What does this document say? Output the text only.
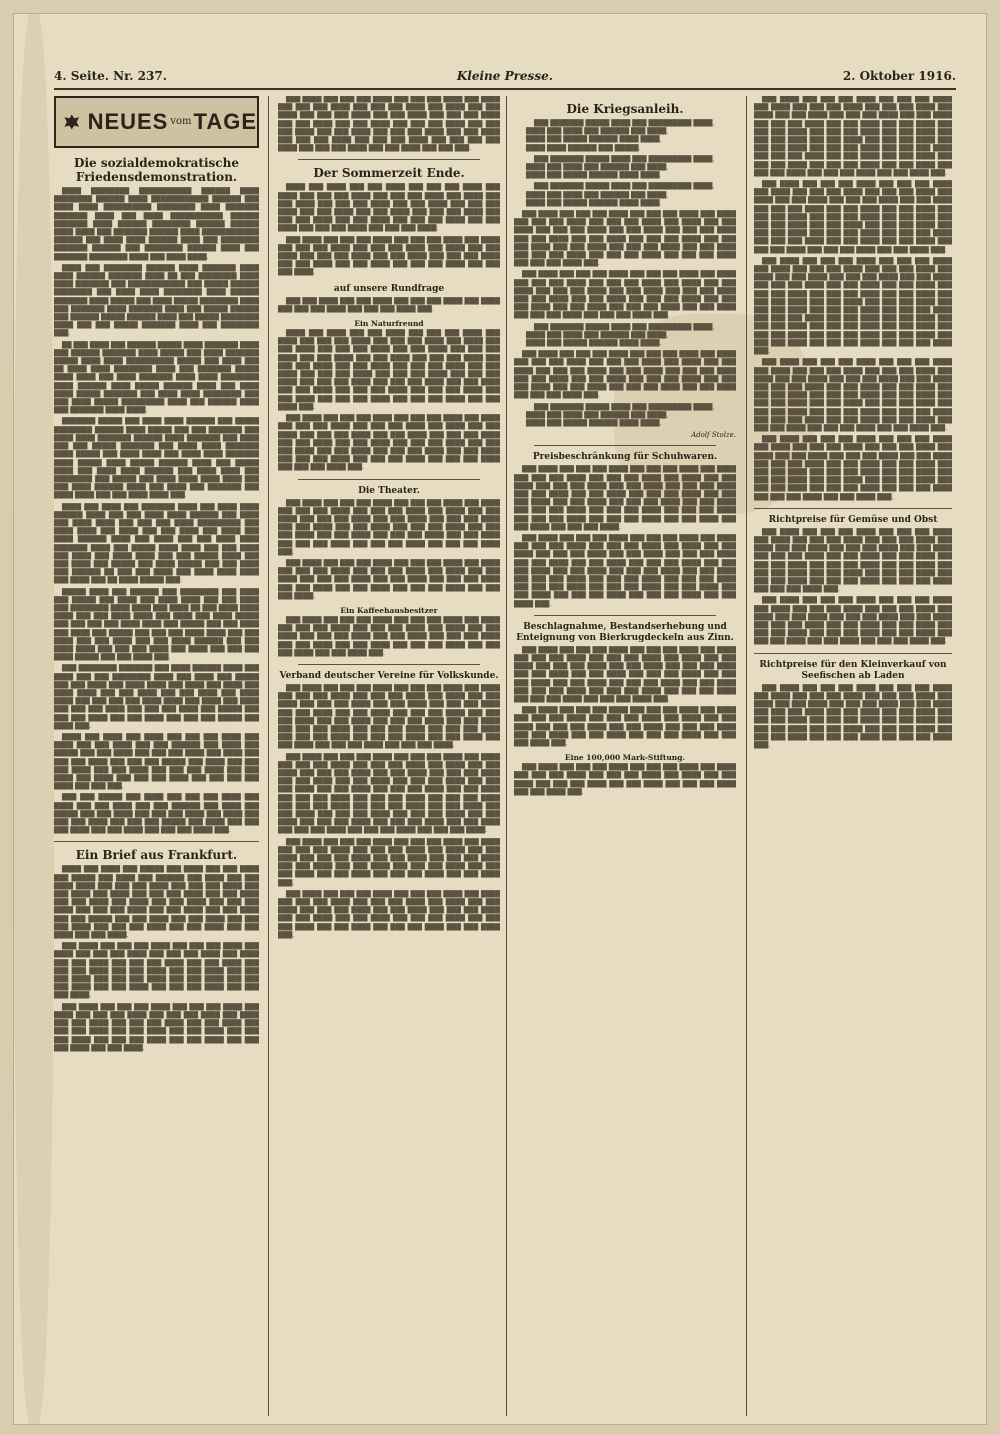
4. Seite. Nr. 237.	Kleine Presse.	2. Oktober 1916.
NEUES vom TAGE
Die sozialdemokratische Friedensdemonstration.

████ ████████ ███████████ ██████ ████ ████████ ██████ ████ ████████████ ██████ ███ ████ ████ ██████████ ████████ ████ ███████ ███████ ████ ███ ████ ███████████ ██████ ███████ ████ ██████ ████████ ██████ ██████ ████ ████ ███ ███████ ██████ ████ ████████████ ██████ ███ ████ ████ ██████ ████ ███ ████████ ███████ ██████ ███ ████████ ██████ ████ ███ ███████ ████████ ████ ███ ████ ████.

████ ███ ████████ ██████ ████ ███████ ████ ████ ██████ ███████ ████ ██ ███ ████████ ████ ████ ███████ ███ ████████████ ███ █████ ██████ ████████ ███ ████ ████ ████████ ████ ██████ ███████ ████ █████ ███ ████ █████ ████████ ████ ███ ███████ ████ ███████ ████ ███ █████ ██████ ███ ██████ █████ ██████ ████ ███ █████ ████████ ████ ███ ███ █████ ███████ ████ ███ ████████ ███.

██ ███ ████ ███ ██████ █████ ████ ███████ ████ ███ ██████ ███████ ████ █████ ███ ████ ███████ █████ ████ ████ ██████████ █████ ███ ████ ███ ██ ████ ████ ████████ ████ ███ ███████ █████ ████ ████ ███ ████ ███████ ████ ████ ████████ ████ ██████ ████ █████ ██████ ████ ███ ████ ████ █████ ███████ ███ ████ ████ ████████ ███ ███ ████ █████ █████████ ████ ███ ██████ ████ ███ ███████ ████ ████.

███████ █████ ███ ████ ████ ██████ ███ █████ ████████ ██████ ████ █████ ███ ███ ███████ ███ ████ ████ ███████ ██████ ████ ███████ ███ ████ ███ ███ █████ ███████ ███ ████ ████ ███████ ████ █████ ███ ████ ████ ███ ████ ████ ███████ ████ █████ ████ █████ ██████ ████ ███ █████ ████ ███ ████ ████ ██████ ███ ████ ████ ███ ████████ ███ █████ ███ ████ ████ ████ ████ ███ ███ ████ ██████ ████ ███ ████ ███ ███████ ███ ████ ████ ███ ███ ████ ████ ███.

████ ███ ████ ███ ███████ ████ ███ ████ ████ ██████ ████ ███ ███ ████ ████ ██████ ███ ████ ███ ████ ████ ███ ███ ███ ████ █████████ ███ ████ ████ ███ ████ ███ ███ ████ ███ ████ ███ ████ ██████ ████ ███ ████ ███ ███ ████ ████ ███████ ████ ███ █████ ████ ████ ███ ███ ████ ███ ████ ███ ████ ████ ███ ███ █████ ████ ███ ███ ████ ███ █████ ███ ████ █████ ███ ███ ████ ███ ██████ ██ ███ ███ ████ ███ ████ ████ ████ ███ ████ ███ ██ ████ █████ ███.

█████ ████ ███ ██████ ███ ████████ ███ ████ ███ █████ ███ ████ ███ ████ ████ ███ ███ ████ ███ ████████ ████ ████ ███ ████ ██ ███ ████ ████ ████ ███ ███ ████ ████ ███ ████ ███ ████ █████ ███ ███ ███ ███ ████ ████ ███ █████ ███ ███ ████ ███ ████ ███ █████ ███ ███ ███ ████ ████ ███ ███ ████ ███ ███ ████ ███ ███ ████ ██████ ███ ███ ████ ████ ███ ███ ███ ████ ███ ████ ███ ███ ███ ████ █████ ███ ███ ████ ███.

███ ████████ ███████ ███ ████ ██████ ████ ███ ████ ███ ███ ████████ ████ ███ ████ ███ █████ ███ ███ ████ ███ ████ ████ ███ ████ ███ ████ ███ ████ ████ ███ ███ ████ ███ ███ ████ ███ ████ ████ ███ ███ ███ ███ ████ ████ ███ ████ ███ ████ ███ ███ ███ ████ ███ ███ ███ ████ ███ █████ ███ ███ ███ ████ ███ ███ ████ ███ ███ ███ █████ ███ ████ ███.

████ ███ ████ ███ ████ ███ ███ ███ ████ ███ ████ ███ ███ ████ ███ ███ ██████ ███ ████ ███ █████ ███ ███ ████ ███ ███ ███ ████ ███ ████ ███ ███ ███ ████ ███ ███ ███ █████ ███ ████ ███ ███ ███ ████ ███ ███ ████ ███ ███ ███ ████ ███ ███ ████ ███ ████ ███ ███ ███ ████ ███ ███ ███ ███ ████ ███ ███ ███.

███ ███ █████ ███ ████ ███ ███ ███ ████ ███ ████ ███ ███ ████ ███ ███ ██████ ███ ████ ███ █████ ███ ███ ████ ███ ███ ███ ████ ███ ████ ███ ███ ███ ████ ███ ███ ███ █████ ███ ████ ███ ███ ███ ████ ███ ███ ████ ███ ███ ███ ████ ███.

Ein Brief aus Frankfurt.

████ ███ ████ ███ █████ ███ ████ ███ ███ ████ ███ █████ ███ ████ ███ ██████ ███ ████ ███ ███ ████ ████ ███ ███ ███ ████ ███ ███ ███ ████ ███ ███ ████ ███ ████ ███ ███ ███ ████ ███ ███ ████ ███ ███ ████ ███ ████ ███ ███ ████ ███ ███ ███ ████ ███ ███ ███ ████ ███ ███ ████ ███ ███ ████ ███ ███ █████ ███ ███ ████ ███ ███ ████ ███ ███ ███ ████ ███ ███ ███ ████ ███ ███ ████ ███ ███ ████ ███ ███ ████.

███ ████ ███ ███ ███ ████ ███ ███ ███ ████ ███ ████ ███ ███ ███ ████ ███ ███ ███ ████ ███ ████ ███ ███ ████ ███ ███ ███ ████ ███ ███ ████ ███ ███ ███ ████ ███ ███ ████ ███ ███ ████ ███ ███ ███ ████ ███ ███ ███ ████ ███ ███ ████ ███ ███ ███ ████ ███ ███ ████ ███ ███ ███ ████ ███ ███ ███ ████.

███ ████ ███ ███ ███ ████ ███ ███ ███ ████ ███ ████ ███ ███ ███ ████ ███ ███ ███ ████ ███ ████ ███ ███ ████ ███ ███ ███ ████ ███ ███ ████ ███ ███ ███ ████ ███ ███ ████ ███ ███ ████ ███ ███ ███ ████ ███ ███ ███ ████ ███ ███ ████ ███ ███ ███ ████ ███ ███ ████.

███ ████ ███ ███ ███ ████ ███ ███ ███ ████ ███ ████ ███ ███ ███ ████ ███ ███ ███ ████ ███ ████ ███ ███ ████ ███ ███ ███ ████ ███ ███ ████ ███ ███ ███ ████ ███ ███ ████ ███ ███ ████ ███ ███ ███ ████ ███ ███ ███ ████ ███ ███ ████ ███ ███ ███ ████ ███ ███ ████ ███ ███ ███ ████ ███ ███ ███ ████ ███ ███ ███ ███ ████ ███ ███ ███ ████ ███ ███ ████ ███ ███ ███.

Der Sommerzeit Ende.

████ ███ ████ ███ ███ ████ ███ ███ ███ ████ ███ ████ ███ ███ ███ ████ ███ ███ ███ ████ ███ ████ ███ ███ ████ ███ ███ ███ ████ ███ ███ ████ ███ ███ ███ ████ ███ ███ ████ ███ ███ ████ ███ ███ ███ ████ ███ ███ ███ ████ ███ ███ ████ ███ ███ ███ ████ ███ ███ ████ ███ ███ ███ ████ ███ ███ ███ ████.

███ ████ ███ ███ ███ ████ ███ ███ ███ ████ ███ ████ ███ ███ ███ ████ ███ ███ ███ ████ ███ ████ ███ ███ ████ ███ ███ ███ ████ ███ ███ ████ ███ ███ ███ ████ ███ ███ ████ ███ ███ ████ ███ ███ ███ ████ ███ ███ ███ ████.

auf unsere Rundfrage

███ ███ ████ ███ ███ ████ ███ ███ ███ ████ ███ ████ ███ ███ ███ ████ ███ ███ ███ ████ ███.

Ein Naturfreund

████ ███ ████ ███ ███ ████ ███ ███ ███ ████ ███ ████ ███ ███ ███ ████ ███ ███ ███ ████ ███ ████ ███ ███ ████ ███ ███ ███ ████ ███ ███ ████ ███ ███ ███ ████ ███ ███ ████ ███ ███ ████ ███ ███ ███ ████ ███ ███ ███ ████ ███ ███ ████ ███ ███ ███ ████ ███ ███ ████ ███ ███ ███ ████ ███ ███ ███ ████ ███ ███ ███ ████ ███ ███ ███ ████ ███ ███ ███ ████ ███ ███ ████ ███ ███ ████ ███ ███ ███ ████ ███ ███ ███ ████ ███ ███ ████ ███ ███ ███ ████ ███ ███ ███ ████ ███ ███ ████ ███.

███ ████ ███ ███ ███ ████ ███ ███ ███ ████ ███ ████ ███ ███ ███ ████ ███ ███ ███ ████ ███ ████ ███ ███ ████ ███ ███ ███ ████ ███ ███ ████ ███ ███ ███ ████ ███ ███ ████ ███ ███ ████ ███ ███ ███ ████ ███ ███ ███ ████ ███ ███ ████ ███ ███ ███ ████ ███ ███ ████ ███ ███ ███ ████ ███ ███ ███ ████ ███ ███ ███ ████ ███ ███ ███ ████ ███.

Die Theater.

███ ████ ███ ███ ███ ████ ███ ███ ███ ████ ███ ████ ███ ███ ███ ████ ███ ███ ███ ████ ███ ████ ███ ███ ████ ███ ███ ███ ████ ███ ███ ████ ███ ███ ███ ████ ███ ███ ████ ███ ███ ████ ███ ███ ███ ████ ███ ███ ███ ████ ███ ███ ████ ███ ███ ███ ████ ███ ███ ████ ███ ███ ███ ████ ███ ███ ███ ████ ███ ███ ███ ████ ███.

███ ████ ███ ███ ███ ████ ███ ███ ███ ████ ███ ████ ███ ███ ███ ████ ███ ███ ███ ████ ███ ████ ███ ███ ████ ███ ███ ███ ████ ███ ███ ████ ███ ███ ███ ████ ███ ███ ████ ███ ███ ████ ███ ███ ███ ████ ███ ███ ███ ████.

Ein Kaffeehausbesitzer

███ ████ ███ ███ ███ ████ ███ ███ ███ ████ ███ ████ ███ ███ ███ ████ ███ ███ ███ ████ ███ ████ ███ ███ ████ ███ ███ ███ ████ ███ ███ ████ ███ ███ ███ ████ ███ ███ ████ ███ ███ ████ ███ ███ ███ ████ ███ ███ ███ ████ ███ ███ ████ ███.

Verband deutscher Vereine für Volkskunde.

███ ████ ███ ███ ███ ████ ███ ███ ███ ████ ███ ████ ███ ███ ███ ████ ███ ███ ███ ████ ███ ████ ███ ███ ████ ███ ███ ███ ████ ███ ███ ████ ███ ███ ███ ████ ███ ███ ████ ███ ███ ████ ███ ███ ███ ████ ███ ███ ███ ████ ███ ███ ████ ███ ███ ███ ████ ███ ███ ████ ███ ███ ███ ████ ███ ███ ███ ████ ███ ███ ███ ████ ███ ███ ███ ████ ███ ███ ███ ████ ███ ███ ████ ███ ███ ████ ███ ███ ███ ████ ███ ███ ███ ████.

███ ████ ███ ███ ███ ████ ███ ███ ███ ████ ███ ████ ███ ███ ███ ████ ███ ███ ███ ████ ███ ████ ███ ███ ████ ███ ███ ███ ████ ███ ███ ████ ███ ███ ███ ████ ███ ███ ████ ███ ███ ████ ███ ███ ███ ████ ███ ███ ███ ████ ███ ███ ████ ███ ███ ███ ████ ███ ███ ████ ███ ███ ███ ████ ███ ███ ███ ████ ███ ███ ███ ████ ███ ███ ███ ████ ███ ███ ███ ████ ███ ███ ████ ███ ███ ████ ███ ███ ███ ████ ███ ███ ███ ████ ███ ███ ████ ███ ███ ███ ████ ███ ███ ███ ████ ███ ███ ████ ███ ███ ███ ████ ███ ███ ███ ████ ███ ███ ███ ████.

███ ████ ███ ███ ███ ████ ███ ███ ███ ████ ███ ████ ███ ███ ███ ████ ███ ███ ███ ████ ███ ████ ███ ███ ████ ███ ███ ███ ████ ███ ███ ████ ███ ███ ███ ████ ███ ███ ████ ███ ███ ████ ███ ███ ███ ████ ███ ███ ███ ████ ███ ███ ████ ███ ███ ███ ████ ███ ███ ████ ███.

███ ████ ███ ███ ███ ████ ███ ███ ███ ████ ███ ████ ███ ███ ███ ████ ███ ███ ███ ████ ███ ████ ███ ███ ████ ███ ███ ███ ████ ███ ███ ████ ███ ███ ███ ████ ███ ███ ████ ███ ███ ████ ███ ███ ███ ████ ███ ███ ███ ████ ███ ███ ████ ███ ███ ███ ████ ███ ███ ████ ███.

Die Kriegsanleih.

███ ███████ █████ ████ ███ █████████ ████,
████ ███ ████ ███ ██████ ███ ████,
████ ███ █████ ██████ ████ ████,
████ ████ ██████ ███ █████.

███ ███████ █████ ████ ███ █████████ ████,
████ ███ ████ ███ ██████ ███ ████,
████ ███ █████ ██████ ████ ████.

███ ███████ █████ ████ ███ █████████ ████,
████ ███ ████ ███ ██████ ███ ████,
████ ███ █████ ██████ ████ ████.

███ ████ ███ ███ ███ ████ ███ ███ ███ ████ ███ ████ ███ ███ ███ ████ ███ ███ ███ ████ ███ ████ ███ ███ ████ ███ ███ ███ ████ ███ ███ ████ ███ ███ ███ ████ ███ ███ ████ ███ ███ ████ ███ ███ ███ ████ ███ ███ ███ ████ ███ ███ ████ ███ ███ ███ ████ ███ ███ ████ ███ ███ ███ ████ ███ ███ ███ ████ ███ ███ ███ ████ ███ ███ ███ ████ ███.

███ ████ ███ ███ ███ ████ ███ ███ ███ ████ ███ ████ ███ ███ ███ ████ ███ ███ ███ ████ ███ ████ ███ ███ ████ ███ ███ ███ ████ ███ ███ ████ ███ ███ ███ ████ ███ ███ ████ ███ ███ ████ ███ ███ ███ ████ ███ ███ ███ ████ ███ ███ ████ ███ ███ ███ ████ ███ ███ ████ ███ ███ ███ ████ ███ ███ ███ ████ ███.

███ ███████ █████ ████ ███ █████████ ████,
████ ███ ████ ███ ██████ ███ ████,
████ ███ █████ ██████ ████ ████.

███ ████ ███ ███ ███ ████ ███ ███ ███ ████ ███ ████ ███ ███ ███ ████ ███ ███ ███ ████ ███ ████ ███ ███ ████ ███ ███ ███ ████ ███ ███ ████ ███ ███ ███ ████ ███ ███ ████ ███ ███ ████ ███ ███ ███ ████ ███ ███ ███ ████ ███ ███ ████ ███ ███ ███ ████ ███ ███ ████ ███ ███ ███ ████ ███.

███ ███████ █████ ████ ███ █████████ ████,
████ ███ ████ ███ ██████ ███ ████,
████ ███ █████ ██████ ████ ████.

Adolf Stolze.
Preisbeschränkung für Schuhwaren.

███ ████ ███ ███ ███ ████ ███ ███ ███ ████ ███ ████ ███ ███ ███ ████ ███ ███ ███ ████ ███ ████ ███ ███ ████ ███ ███ ███ ████ ███ ███ ████ ███ ███ ███ ████ ███ ███ ████ ███ ███ ████ ███ ███ ███ ████ ███ ███ ███ ████ ███ ███ ████ ███ ███ ███ ████ ███ ███ ████ ███ ███ ███ ████ ███ ███ ███ ████ ███ ███ ███ ████ ███ ███ ███ ████ ███ ███ ███ ████ ███ ███ ████ ███ ███ ████ ███ ███ ███ ████.

███ ████ ███ ███ ███ ████ ███ ███ ███ ████ ███ ████ ███ ███ ███ ████ ███ ███ ███ ████ ███ ████ ███ ███ ████ ███ ███ ███ ████ ███ ███ ████ ███ ███ ███ ████ ███ ███ ████ ███ ███ ████ ███ ███ ███ ████ ███ ███ ███ ████ ███ ███ ████ ███ ███ ███ ████ ███ ███ ████ ███ ███ ███ ████ ███ ███ ███ ████ ███ ███ ███ ████ ███ ███ ███ ████ ███ ███ ███ ████ ███ ███ ████ ███ ███ ████ ███ ███ ███ ████ ███ ███ ███ ████ ███ ███ ████ ███.

Beschlagnahme, Bestandserhebung und Enteignung von Bierkrugdeckeln aus Zinn.

███ ████ ███ ███ ███ ████ ███ ███ ███ ████ ███ ████ ███ ███ ███ ████ ███ ███ ███ ████ ███ ████ ███ ███ ████ ███ ███ ███ ████ ███ ███ ████ ███ ███ ███ ████ ███ ███ ████ ███ ███ ████ ███ ███ ███ ████ ███ ███ ███ ████ ███ ███ ████ ███ ███ ███ ████ ███ ███ ████ ███ ███ ███ ████ ███ ███ ███ ████ ███ ███ ███ ████ ███ ███ ███ ████ ███ ███ ███ ████ ███.

███ ████ ███ ███ ███ ████ ███ ███ ███ ████ ███ ████ ███ ███ ███ ████ ███ ███ ███ ████ ███ ████ ███ ███ ████ ███ ███ ███ ████ ███ ███ ████ ███ ███ ███ ████ ███ ███ ████ ███ ███ ████ ███ ███ ███ ████ ███ ███ ███ ████ ███.

Eine 100,000 Mark-Stiftung.

███ ████ ███ ███ ███ ████ ███ ███ ███ ████ ███ ████ ███ ███ ███ ████ ███ ███ ███ ████ ███ ████ ███ ███ ████ ███ ███ ███ ████ ███ ███ ████ ███ ███ ███ ████ ███ ███ ████ ███.

███ ████ ███ ███ ███ ████ ███ ███ ███ ████ ███ ████ ███ ███ ███ ████ ███ ███ ███ ████ ███ ████ ███ ███ ████ ███ ███ ███ ████ ███ ███ ████ ███ ███ ███ ████ ███ ███ ████ ███ ███ ████ ███ ███ ███ ████ ███ ███ ███ ████ ███ ███ ████ ███ ███ ███ ████ ███ ███ ████ ███ ███ ███ ████ ███ ███ ███ ████ ███ ███ ███ ████ ███ ███ ███ ████ ███ ███ ███ ████ ███ ███ ████ ███ ███ ████ ███ ███ ███ ████ ███ ███ ███ ████ ███ ███ ████ ███ ███ ███ ████ ███ ███ ███ ████ ███ ███ ████ ███.

███ ████ ███ ███ ███ ████ ███ ███ ███ ████ ███ ████ ███ ███ ███ ████ ███ ███ ███ ████ ███ ████ ███ ███ ████ ███ ███ ███ ████ ███ ███ ████ ███ ███ ███ ████ ███ ███ ████ ███ ███ ████ ███ ███ ███ ████ ███ ███ ███ ████ ███ ███ ████ ███ ███ ███ ████ ███ ███ ████ ███ ███ ███ ████ ███ ███ ███ ████ ███ ███ ███ ████ ███ ███ ███ ████ ███ ███ ███ ████ ███ ███ ████ ███ ███ ████ ███ ███ ███ ████ ███ ███ ███ ████ ███ ███ ████ ███.

███ ████ ███ ███ ███ ████ ███ ███ ███ ████ ███ ████ ███ ███ ███ ████ ███ ███ ███ ████ ███ ████ ███ ███ ████ ███ ███ ███ ████ ███ ███ ████ ███ ███ ███ ████ ███ ███ ████ ███ ███ ████ ███ ███ ███ ████ ███ ███ ███ ████ ███ ███ ████ ███ ███ ███ ████ ███ ███ ████ ███ ███ ███ ████ ███ ███ ███ ████ ███ ███ ███ ████ ███ ███ ███ ████ ███ ███ ███ ████ ███ ███ ████ ███ ███ ████ ███ ███ ███ ████ ███ ███ ███ ████ ███ ███ ████ ███ ███ ███ ████ ███ ███ ███ ████ ███ ███ ████ ███ ███ ███ ████ ███ ███ ███ ████ ███ ███ ███ ████ ███.

███ ████ ███ ███ ███ ████ ███ ███ ███ ████ ███ ████ ███ ███ ███ ████ ███ ███ ███ ████ ███ ████ ███ ███ ████ ███ ███ ███ ████ ███ ███ ████ ███ ███ ███ ████ ███ ███ ████ ███ ███ ████ ███ ███ ███ ████ ███ ███ ███ ████ ███ ███ ████ ███ ███ ███ ████ ███ ███ ████ ███ ███ ███ ████ ███ ███ ███ ████ ███ ███ ███ ████ ███ ███ ███ ████ ███ ███ ███ ████ ███ ███ ████ ███ ███ ████ ███ ███ ███ ████ ███ ███ ███ ████ ███ ███ ████ ███.

███ ████ ███ ███ ███ ████ ███ ███ ███ ████ ███ ████ ███ ███ ███ ████ ███ ███ ███ ████ ███ ████ ███ ███ ████ ███ ███ ███ ████ ███ ███ ████ ███ ███ ███ ████ ███ ███ ████ ███ ███ ████ ███ ███ ███ ████ ███ ███ ███ ████ ███ ███ ████ ███ ███ ███ ████ ███ ███ ████ ███ ███ ███ ████ ███ ███ ███ ████ ███ ███ ███ ████ ███ ███ ███ ████ ███ ███ ███ ████ ███ ███ ████ ███.

Richtpreise für Gemüse und Obst

███ ████ ███ ███ ███ ████ ███ ███ ███ ████ ███ ████ ███ ███ ███ ████ ███ ███ ███ ████ ███ ████ ███ ███ ████ ███ ███ ███ ████ ███ ███ ████ ███ ███ ███ ████ ███ ███ ████ ███ ███ ████ ███ ███ ███ ████ ███ ███ ███ ████ ███ ███ ████ ███ ███ ███ ████ ███ ███ ████ ███ ███ ███ ████ ███ ███ ███ ████ ███ ███ ███ ████ ███ ███ ███ ████ ███ ███ ███ ████ ███.

███ ████ ███ ███ ███ ████ ███ ███ ███ ████ ███ ████ ███ ███ ███ ████ ███ ███ ███ ████ ███ ████ ███ ███ ████ ███ ███ ███ ████ ███ ███ ████ ███ ███ ███ ████ ███ ███ ████ ███ ███ ████ ███ ███ ███ ████ ███ ███ ███ ████ ███ ███ ████ ███ ███ ███ ████ ███ ███ ████ ███ ███ ███ ████ ███.

Richtpreise für den Kleinverkauf von Seefischen ab Laden

███ ████ ███ ███ ███ ████ ███ ███ ███ ████ ███ ████ ███ ███ ███ ████ ███ ███ ███ ████ ███ ████ ███ ███ ████ ███ ███ ███ ████ ███ ███ ████ ███ ███ ███ ████ ███ ███ ████ ███ ███ ████ ███ ███ ███ ████ ███ ███ ███ ████ ███ ███ ████ ███ ███ ███ ████ ███ ███ ████ ███ ███ ███ ████ ███ ███ ███ ████ ███ ███ ███ ████ ███ ███ ███ ████ ███.
